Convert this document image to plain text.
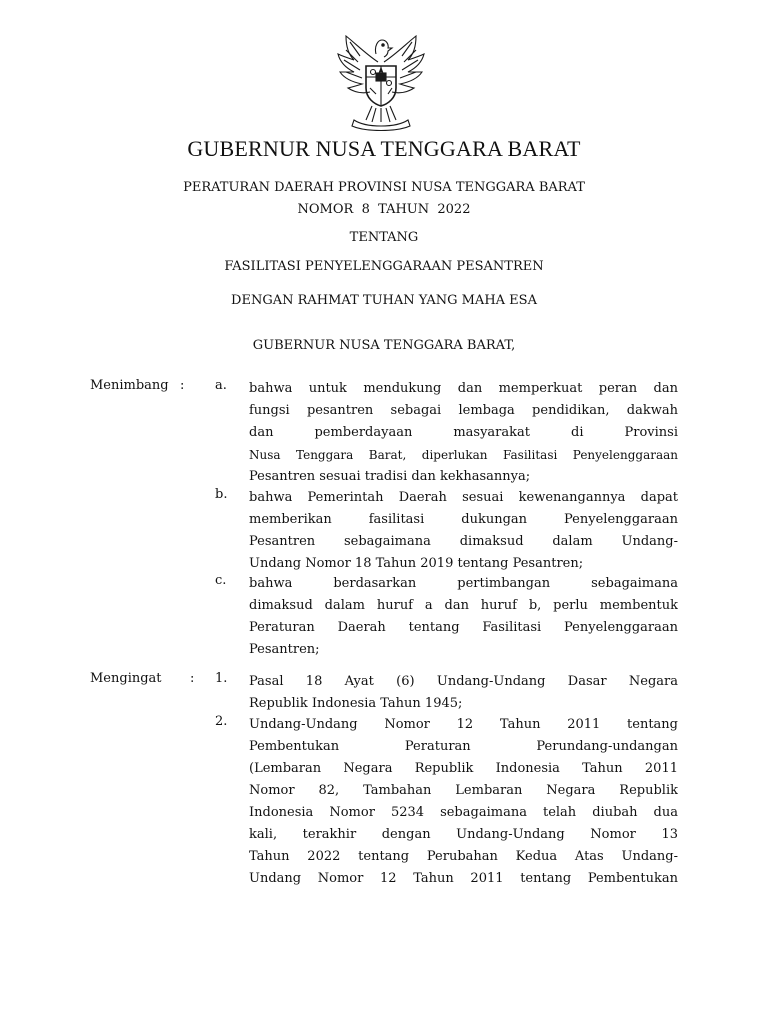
GUBERNUR NUSA TENGGARA BARAT
PERATURAN DAERAH PROVINSI NUSA TENGGARA BARAT
NOMOR  8  TAHUN  2022
TENTANG
FASILITASI PENYELENGGARAAN PESANTREN
DENGAN RAHMAT TUHAN YANG MAHA ESA
GUBERNUR NUSA TENGGARA BARAT,
Menimbang : a. bahwa untuk mendukung dan memperkuat peran dan
fungsi pesantren sebagai lembaga pendidikan, dakwah
dan pemberdayaan masyarakat di Provinsi
Nusa Tenggara Barat, diperlukan Fasilitasi Penyelenggaraan
Pesantren sesuai tradisi dan kekhasannya;
b. bahwa Pemerintah Daerah sesuai kewenangannya dapat
memberikan fasilitasi dukungan Penyelenggaraan
Pesantren sebagaimana dimaksud dalam Undang-
Undang Nomor 18 Tahun 2019 tentang Pesantren;
c. bahwa berdasarkan pertimbangan sebagaimana
dimaksud dalam huruf a dan huruf b, perlu membentuk
Peraturan Daerah tentang Fasilitasi Penyelenggaraan
Pesantren;
Mengingat : 1. Pasal 18 Ayat (6) Undang-Undang Dasar Negara
Republik Indonesia Tahun 1945;
2. Undang-Undang Nomor 12 Tahun 2011 tentang
Pembentukan Peraturan Perundang-undangan
(Lembaran Negara Republik Indonesia Tahun 2011
Nomor 82, Tambahan Lembaran Negara Republik
Indonesia Nomor 5234 sebagaimana telah diubah dua
kali, terakhir dengan Undang-Undang Nomor 13
Tahun 2022 tentang Perubahan Kedua Atas Undang-
Undang Nomor 12 Tahun 2011 tentang Pembentukan
